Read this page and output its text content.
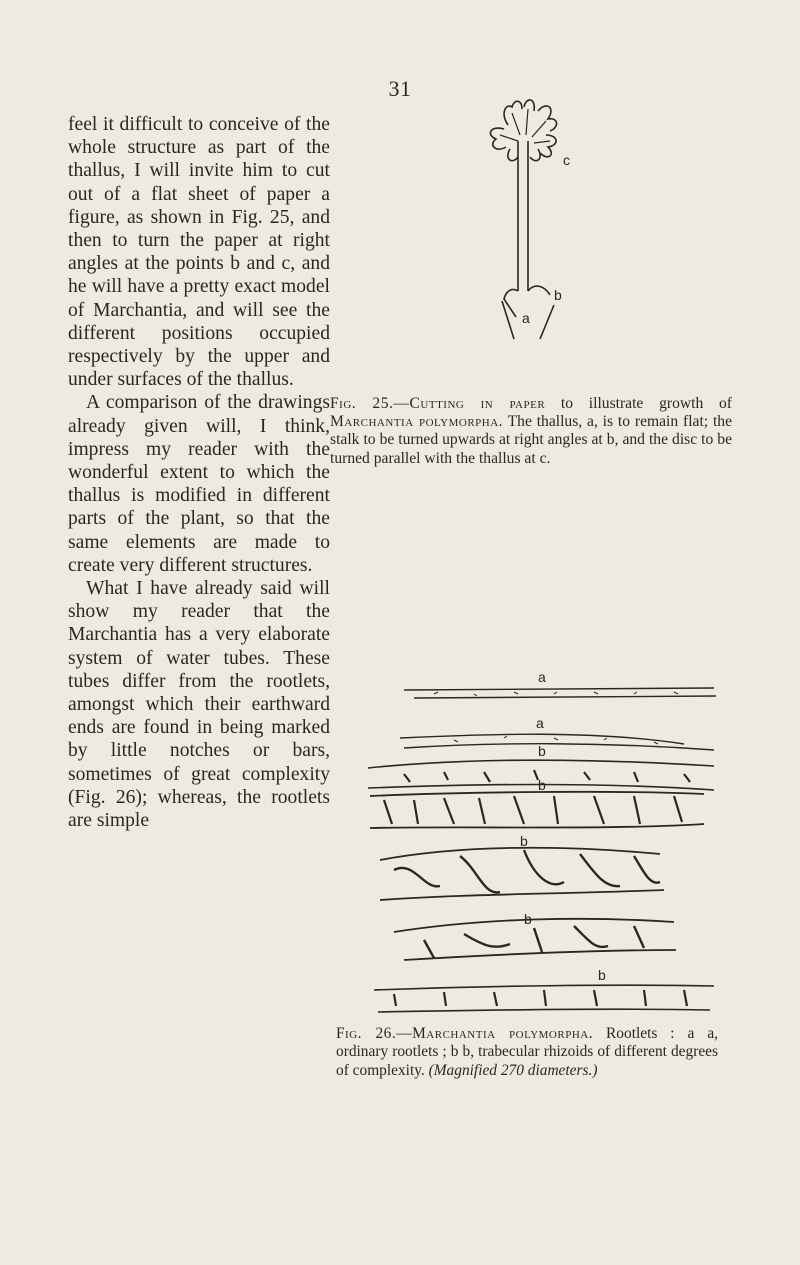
31

feel it difficult to conceive of the whole structure as part of the thallus, I will invite him to cut out of a flat sheet of paper a figure, as shown in Fig. 25, and then to turn the paper at right angles at the points b and c, and he will have a pretty exact model of Marchantia, and will see the different positions occupied respectively by the upper and under surfaces of the thallus.

A comparison of the drawings already given will, I think, impress my reader with the wonderful extent to which the thallus is modified in different parts of the plant, so that the same elements are made to create very different structures.

What I have already said will show my reader that the Marchantia has a very elaborate system of water tubes. These tubes differ from the rootlets, amongst which their earthward ends are found in being marked by little notches or bars, sometimes of great complexity (Fig. 26); whereas, the rootlets are simple

c
b
a
Fig. 25.—Cutting in paper to illustrate growth of Marchantia polymorpha. The thallus, a, is to remain flat; the stalk to be turned upwards at right angles at b, and the disc to be turned parallel with the thallus at c.
a
a
b
b
b
b
b
Fig. 26.—Marchantia polymorpha. Rootlets : a a, ordinary rootlets ; b b, trabecular rhizoids of different degrees of complexity. (Magnified 270 diameters.)
